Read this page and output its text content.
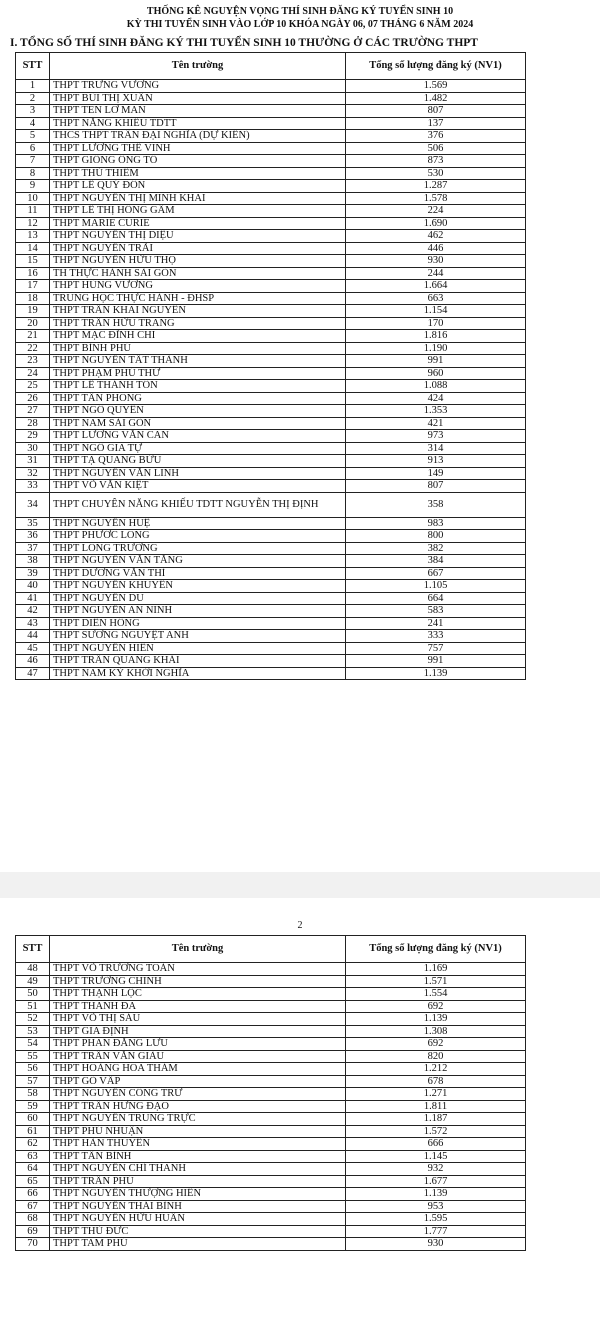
THỐNG KÊ NGUYỆN VỌNG THÍ SINH ĐĂNG KÝ TUYỂN SINH 10
KỲ THI TUYỂN SINH VÀO LỚP 10 KHÓA NGÀY 06, 07 THÁNG 6 NĂM 2024
I. TỔNG SỐ THÍ SINH ĐĂNG KÝ THI TUYỂN SINH 10 THƯỜNG Ở CÁC TRƯỜNG THPT
STT	Tên trường	Tổng số lượng đăng ký (NV1)
1	THPT TRƯNG VƯƠNG	1.569
2	THPT BÙI THỊ XUÂN	1.482
3	THPT TEN LƠ MAN	807
4	THPT NĂNG KHIẾU TDTT	137
5	THCS THPT TRẦN ĐẠI NGHĨA (DỰ KIẾN)	376
6	THPT LƯƠNG THẾ VINH	506
7	THPT GIỒNG ÔNG TỐ	873
8	THPT THỦ THIÊM	530
9	THPT LÊ QUÝ ĐÔN	1.287
10	THPT NGUYỄN THỊ MINH KHAI	1.578
11	THPT LÊ THỊ HỒNG GẤM	224
12	THPT MARIE CURIE	1.690
13	THPT NGUYỄN THỊ DIỆU	462
14	THPT NGUYỄN TRÃI	446
15	THPT NGUYỄN HỮU THỌ	930
16	TH THỰC HÀNH SÀI GÒN	244
17	THPT HÙNG VƯƠNG	1.664
18	TRUNG HỌC THỰC HÀNH - ĐHSP	663
19	THPT TRẦN KHAI NGUYÊN	1.154
20	THPT TRẦN HỮU TRANG	170
21	THPT MẠC ĐĨNH CHI	1.816
22	THPT BÌNH PHÚ	1.190
23	THPT NGUYỄN TẤT THÀNH	991
24	THPT PHẠM PHÚ THỨ	960
25	THPT LÊ THÁNH TÔN	1.088
26	THPT TÂN PHONG	424
27	THPT NGÔ QUYỀN	1.353
28	THPT NAM SÀI GÒN	421
29	THPT LƯƠNG VĂN CAN	973
30	THPT NGÔ GIA TỰ	314
31	THPT TẠ QUANG BỬU	913
32	THPT NGUYỄN VĂN LINH	149
33	THPT VÕ VĂN KIỆT	807
34	THPT CHUYÊN NĂNG KHIẾU TDTT NGUYỄN THỊ ĐỊNH	358
35	THPT NGUYỄN HUỆ	983
36	THPT PHƯỚC LONG	800
37	THPT LONG TRƯỜNG	382
38	THPT NGUYỄN VĂN TĂNG	384
39	THPT DƯƠNG VĂN THÌ	667
40	THPT NGUYỄN KHUYẾN	1.105
41	THPT NGUYỄN DU	664
42	THPT NGUYỄN AN NINH	583
43	THPT DIÊN HỒNG	241
44	THPT SƯƠNG NGUYỆT ANH	333
45	THPT NGUYỄN HIỀN	757
46	THPT TRẦN QUANG KHẢI	991
47	THPT NAM KỲ KHỞI NGHĨA	1.139
2
STT	Tên trường	Tổng số lượng đăng ký (NV1)
48	THPT VÕ TRƯỜNG TOẢN	1.169
49	THPT TRƯỜNG CHINH	1.571
50	THPT THẠNH LỘC	1.554
51	THPT THANH ĐA	692
52	THPT VÕ THỊ SÁU	1.139
53	THPT GIA ĐỊNH	1.308
54	THPT PHAN ĐĂNG LƯU	692
55	THPT TRẦN VĂN GIÀU	820
56	THPT HOÀNG HOA THÁM	1.212
57	THPT GÒ VẤP	678
58	THPT NGUYỄN CÔNG TRỨ	1.271
59	THPT TRẦN HƯNG ĐẠO	1.811
60	THPT NGUYỄN TRUNG TRỰC	1.187
61	THPT PHÚ NHUẬN	1.572
62	THPT HÀN THUYÊN	666
63	THPT TÂN BÌNH	1.145
64	THPT NGUYỄN CHÍ THANH	932
65	THPT TRẦN PHÚ	1.677
66	THPT NGUYỄN THƯỢNG HIỀN	1.139
67	THPT NGUYỄN THÁI BÌNH	953
68	THPT NGUYỄN HỮU HUÂN	1.595
69	THPT THỦ ĐỨC	1.777
70	THPT TAM PHÚ	930
